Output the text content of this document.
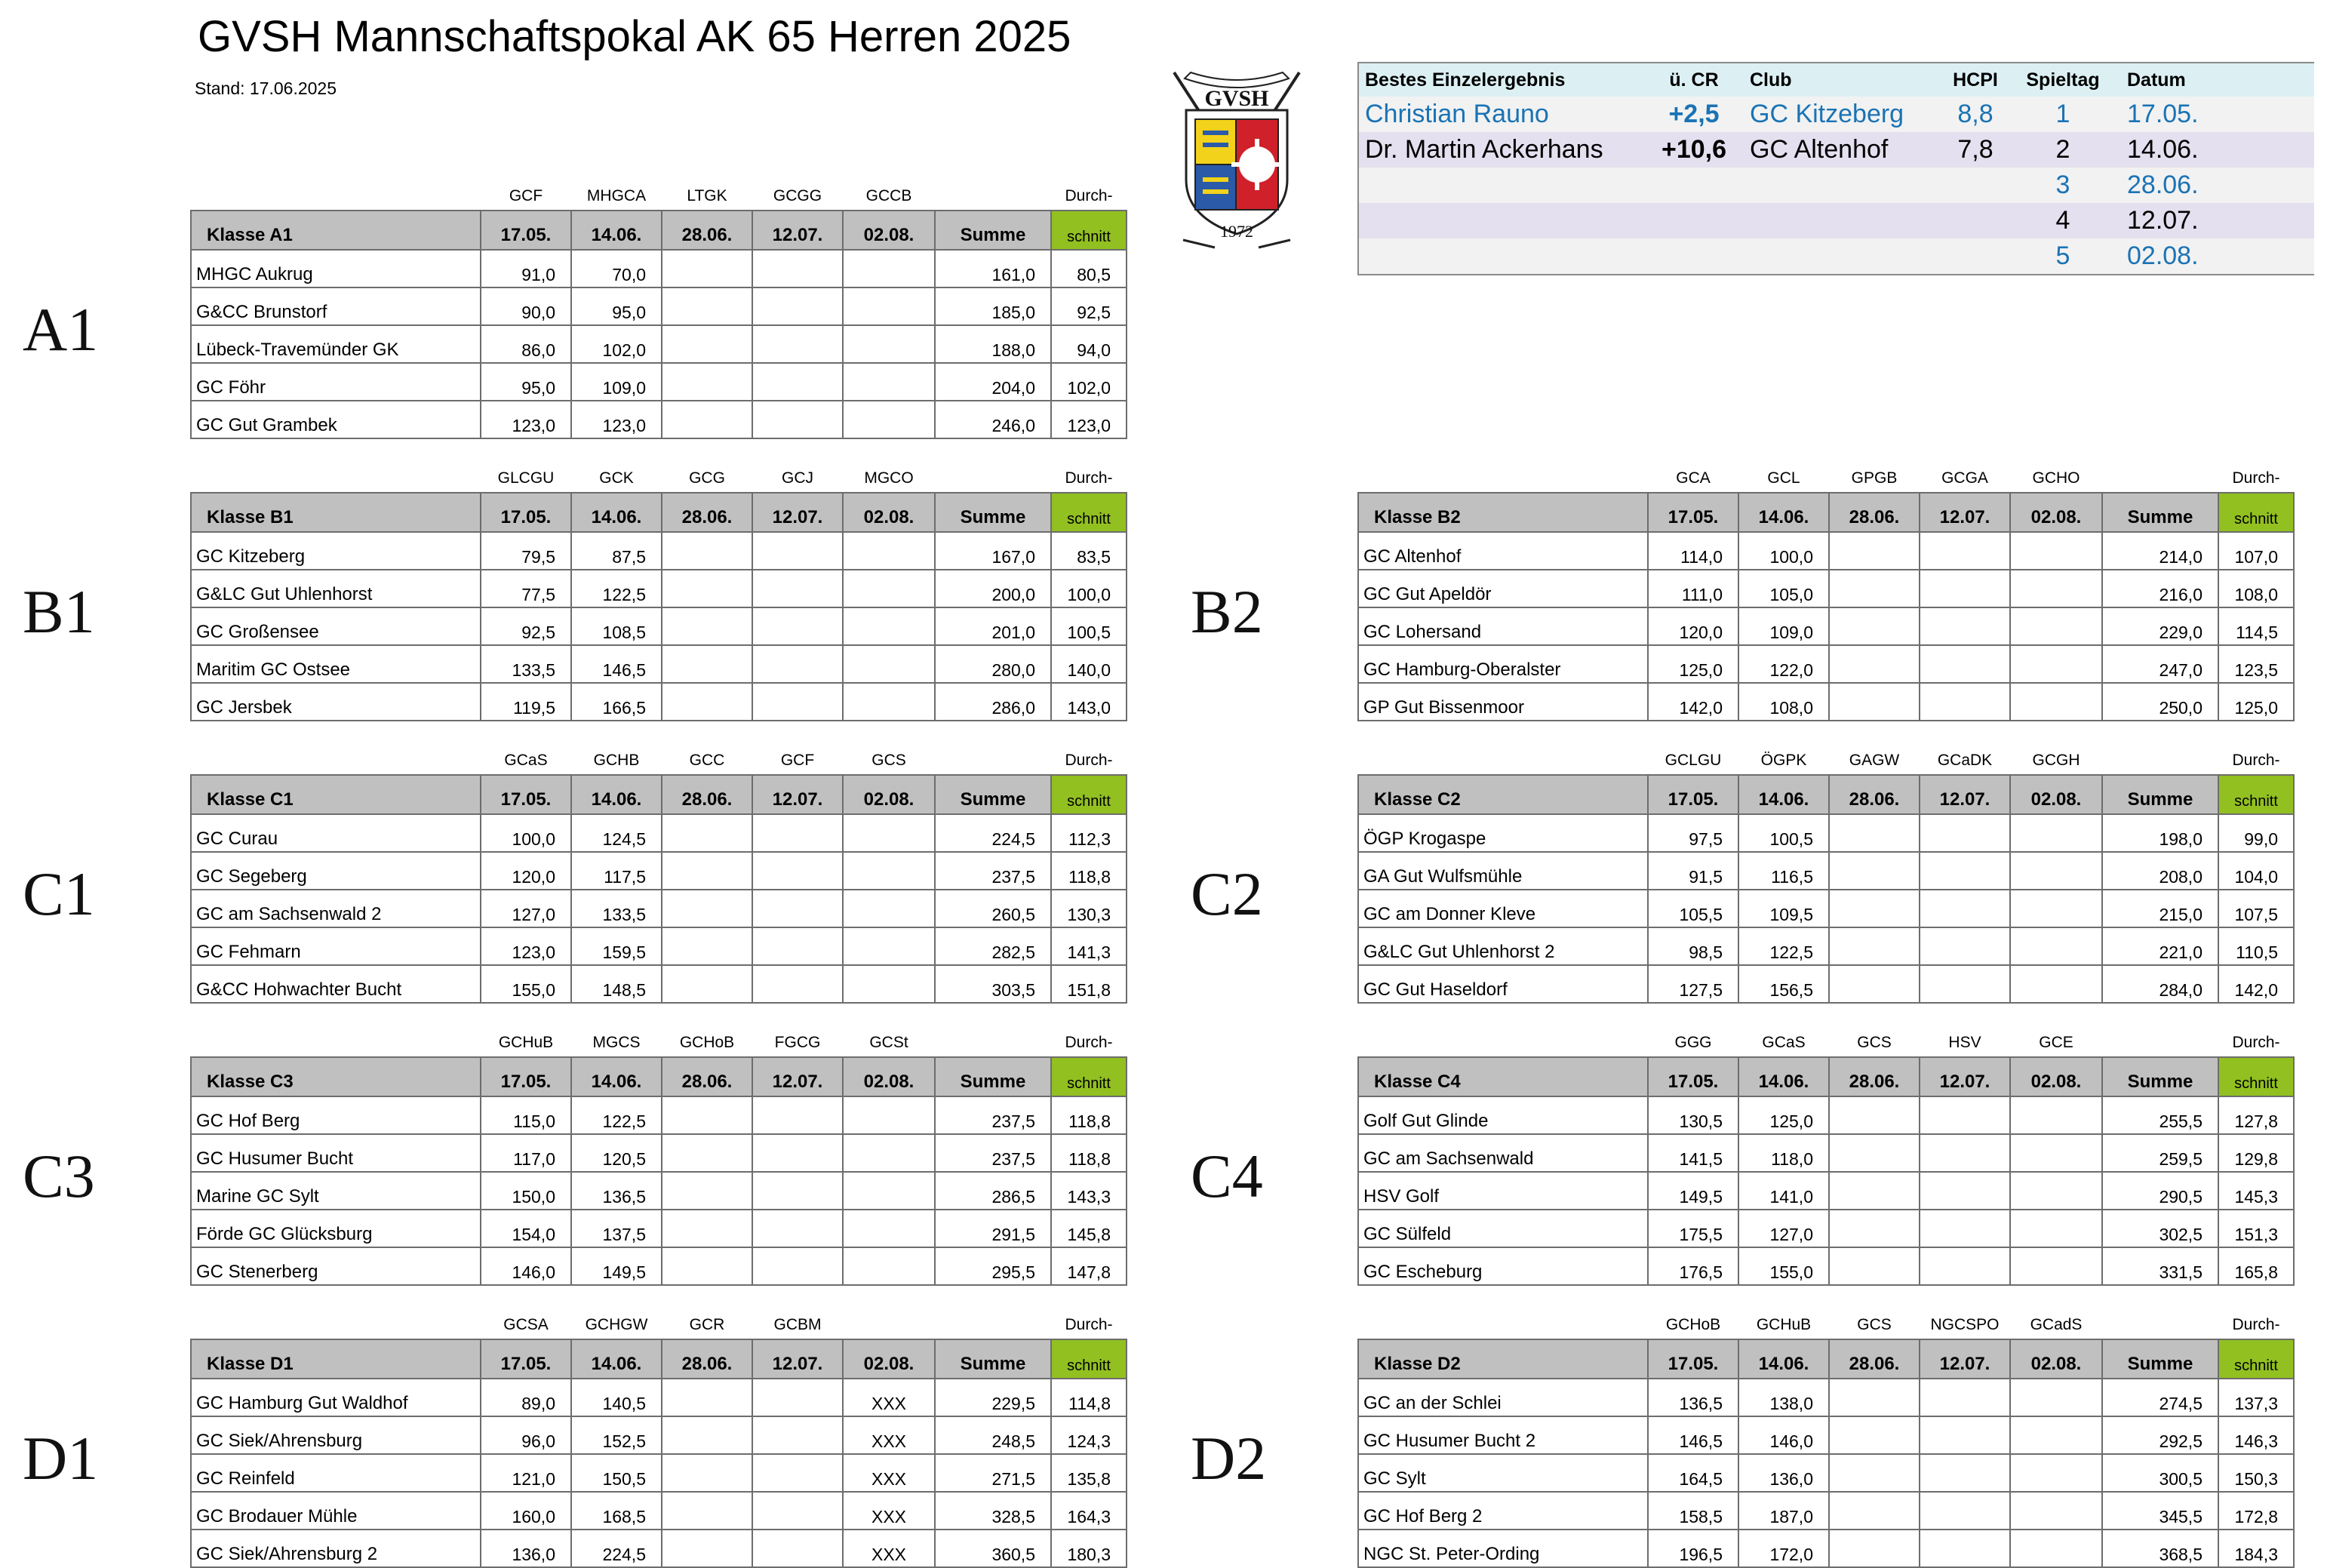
GVSH Mannschaftspokal AK 65 Herren 2025
Stand: 17.06.2025	GVSH
1972
Bestes Einzelergebnis	ü. CR	Club	HCPI	Spieltag	Datum
Christian Rauno	+2,5	GC Kitzeberg	8,8	1	17.05.
Dr. Martin Ackerhans	+10,6	GC Altenhof	7,8	2	14.06.
				3	28.06.
				4	12.07.
				5	02.08.
A1
	GCF	MHGCA	LTGK	GCGG	GCCB		Durch-
Klasse A1	17.05.	14.06.	28.06.	12.07.	02.08.	Summe	schnitt
MHGC Aukrug	91,0	70,0				161,0	80,5
G&CC Brunstorf	90,0	95,0				185,0	92,5
Lübeck-Travemünder GK	86,0	102,0				188,0	94,0
GC Föhr	95,0	109,0				204,0	102,0
GC Gut Grambek	123,0	123,0				246,0	123,0
B1
	GLCGU	GCK	GCG	GCJ	MGCO		Durch-
Klasse B1	17.05.	14.06.	28.06.	12.07.	02.08.	Summe	schnitt
GC Kitzeberg	79,5	87,5				167,0	83,5
G&LC Gut Uhlenhorst	77,5	122,5				200,0	100,0
GC Großensee	92,5	108,5				201,0	100,5
Maritim GC Ostsee	133,5	146,5				280,0	140,0
GC Jersbek	119,5	166,5				286,0	143,0
B2
	GCA	GCL	GPGB	GCGA	GCHO		Durch-
Klasse B2	17.05.	14.06.	28.06.	12.07.	02.08.	Summe	schnitt
GC Altenhof	114,0	100,0				214,0	107,0
GC Gut Apeldör	111,0	105,0				216,0	108,0
GC Lohersand	120,0	109,0				229,0	114,5
GC Hamburg-Oberalster	125,0	122,0				247,0	123,5
GP Gut Bissenmoor	142,0	108,0				250,0	125,0
C1
	GCaS	GCHB	GCC	GCF	GCS		Durch-
Klasse C1	17.05.	14.06.	28.06.	12.07.	02.08.	Summe	schnitt
GC Curau	100,0	124,5				224,5	112,3
GC Segeberg	120,0	117,5				237,5	118,8
GC am Sachsenwald 2	127,0	133,5				260,5	130,3
GC Fehmarn	123,0	159,5				282,5	141,3
G&CC Hohwachter Bucht	155,0	148,5				303,5	151,8
C2
	GCLGU	ÖGPK	GAGW	GCaDK	GCGH		Durch-
Klasse C2	17.05.	14.06.	28.06.	12.07.	02.08.	Summe	schnitt
ÖGP Krogaspe	97,5	100,5				198,0	99,0
GA Gut Wulfsmühle	91,5	116,5				208,0	104,0
GC am Donner Kleve	105,5	109,5				215,0	107,5
G&LC Gut Uhlenhorst 2	98,5	122,5				221,0	110,5
GC Gut Haseldorf	127,5	156,5				284,0	142,0
C3
	GCHuB	MGCS	GCHoB	FGCG	GCSt		Durch-
Klasse C3	17.05.	14.06.	28.06.	12.07.	02.08.	Summe	schnitt
GC Hof Berg	115,0	122,5				237,5	118,8
GC Husumer Bucht	117,0	120,5				237,5	118,8
Marine GC Sylt	150,0	136,5				286,5	143,3
Förde GC Glücksburg	154,0	137,5				291,5	145,8
GC Stenerberg	146,0	149,5				295,5	147,8
C4
	GGG	GCaS	GCS	HSV	GCE		Durch-
Klasse C4	17.05.	14.06.	28.06.	12.07.	02.08.	Summe	schnitt
Golf Gut Glinde	130,5	125,0				255,5	127,8
GC am Sachsenwald	141,5	118,0				259,5	129,8
HSV Golf	149,5	141,0				290,5	145,3
GC Sülfeld	175,5	127,0				302,5	151,3
GC Escheburg	176,5	155,0				331,5	165,8
D1
	GCSA	GCHGW	GCR	GCBM			Durch-
Klasse D1	17.05.	14.06.	28.06.	12.07.	02.08.	Summe	schnitt
GC Hamburg Gut Waldhof	89,0	140,5			XXX	229,5	114,8
GC Siek/Ahrensburg	96,0	152,5			XXX	248,5	124,3
GC Reinfeld	121,0	150,5			XXX	271,5	135,8
GC Brodauer Mühle	160,0	168,5			XXX	328,5	164,3
GC Siek/Ahrensburg 2	136,0	224,5			XXX	360,5	180,3
D2
	GCHoB	GCHuB	GCS	NGCSPO	GCadS		Durch-
Klasse D2	17.05.	14.06.	28.06.	12.07.	02.08.	Summe	schnitt
GC an der Schlei	136,5	138,0				274,5	137,3
GC Husumer Bucht 2	146,5	146,0				292,5	146,3
GC Sylt	164,5	136,0				300,5	150,3
GC Hof Berg 2	158,5	187,0				345,5	172,8
NGC St. Peter-Ording	196,5	172,0				368,5	184,3
